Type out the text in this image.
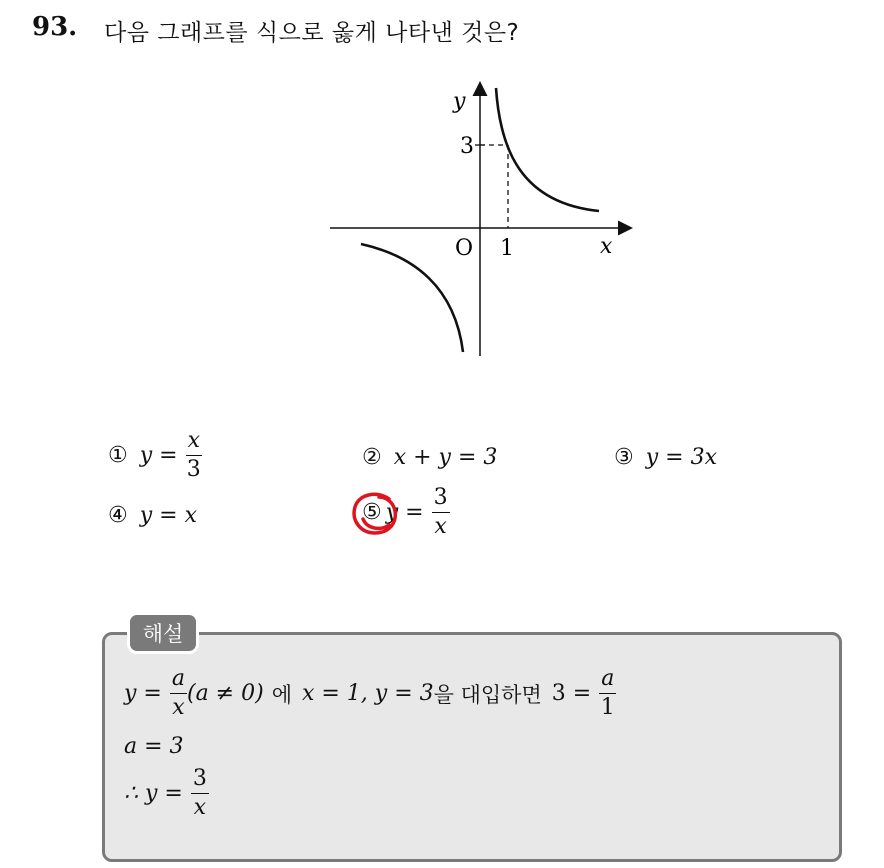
93. 다음 그래프를 식으로 옳게 나타낸 것은?
y
x
O 1
3
① $y = \frac{x}{3}$	② x + y = 3	③ y = 3x
④ y = x	⑤ $y = \frac{3}{x}$
해설
$y = \frac{a}{x} (a \ne 0)$ 에 x = 1, y = 3 을 대입하면 $3 = \frac{a}{1}$
a = 3
∴ $y = \frac{3}{x}$
